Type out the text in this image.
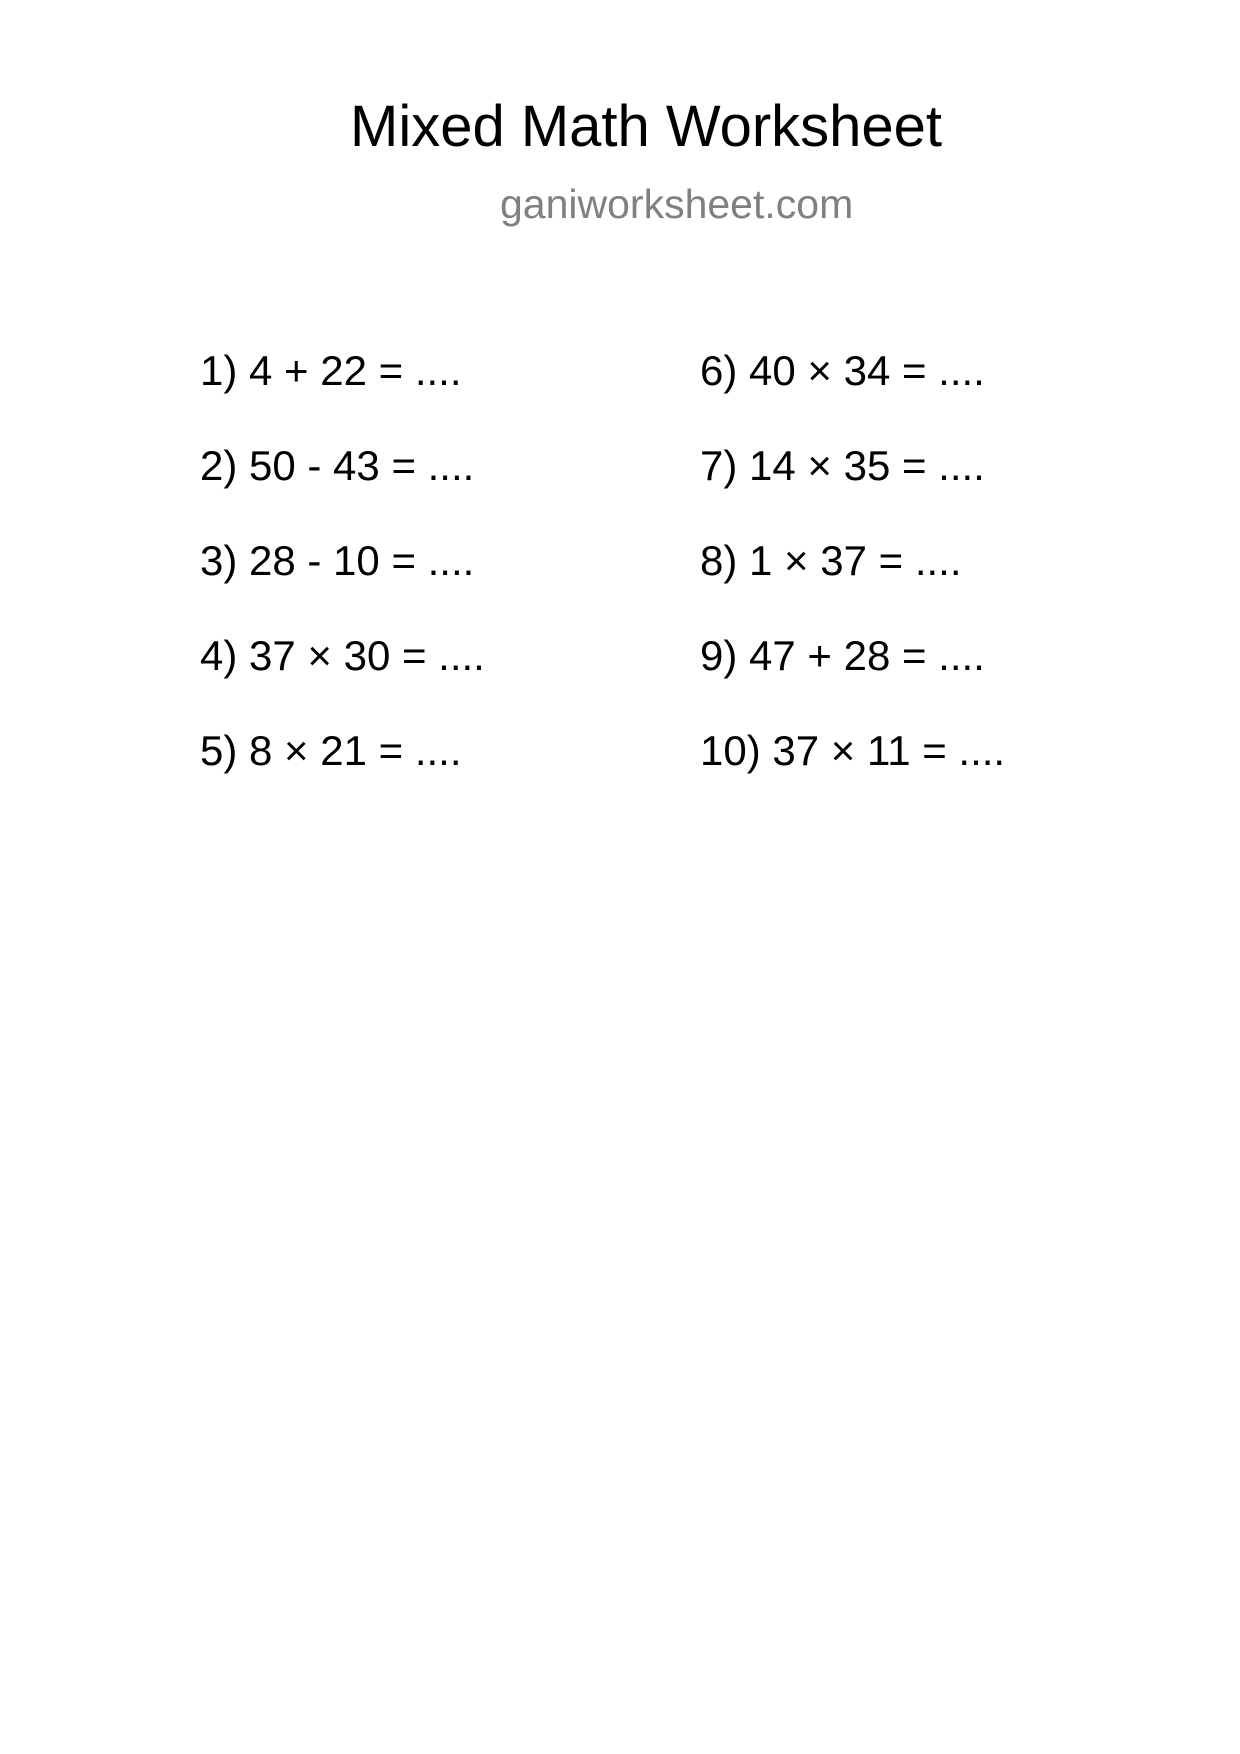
Mixed Math Worksheet
ganiworksheet.com
1) 4 + 22 = ....
2) 50 - 43 = ....
3) 28 - 10 = ....
4) 37 × 30 = ....
5) 8 × 21 = ....
6) 40 × 34 = ....
7) 14 × 35 = ....
8) 1 × 37 = ....
9) 47 + 28 = ....
10) 37 × 11 = ....
